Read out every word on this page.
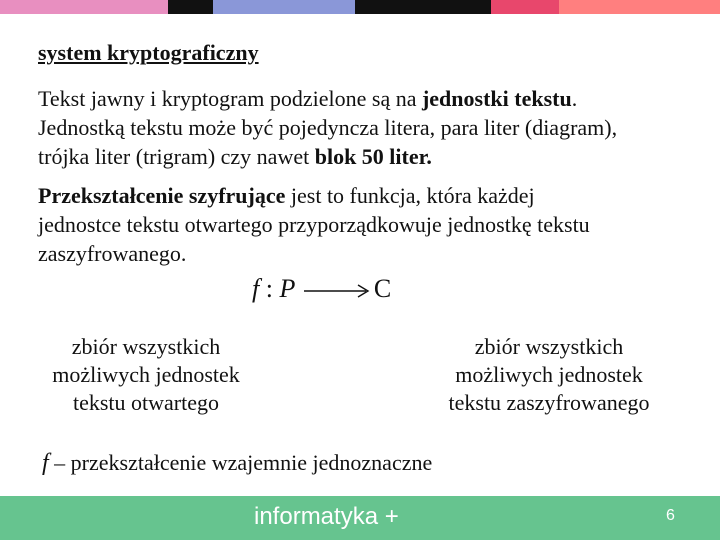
system kryptograficzny
Tekst jawny i kryptogram podzielone są na jednostki tekstu.
Jednostką tekstu może być pojedyncza litera, para liter (diagram),
trójka liter (trigram) czy nawet blok 50 liter.
Przekształcenie szyfrujące jest to funkcja, która każdej
jednostce tekstu otwartego przyporządkowuje jednostkę tekstu
zaszyfrowanego.
f : P	C
zbiór wszystkich
możliwych jednostek
tekstu otwartego
zbiór wszystkich
możliwych jednostek
tekstu zaszyfrowanego
f – przekształcenie wzajemnie jednoznaczne
informatyka +	6
